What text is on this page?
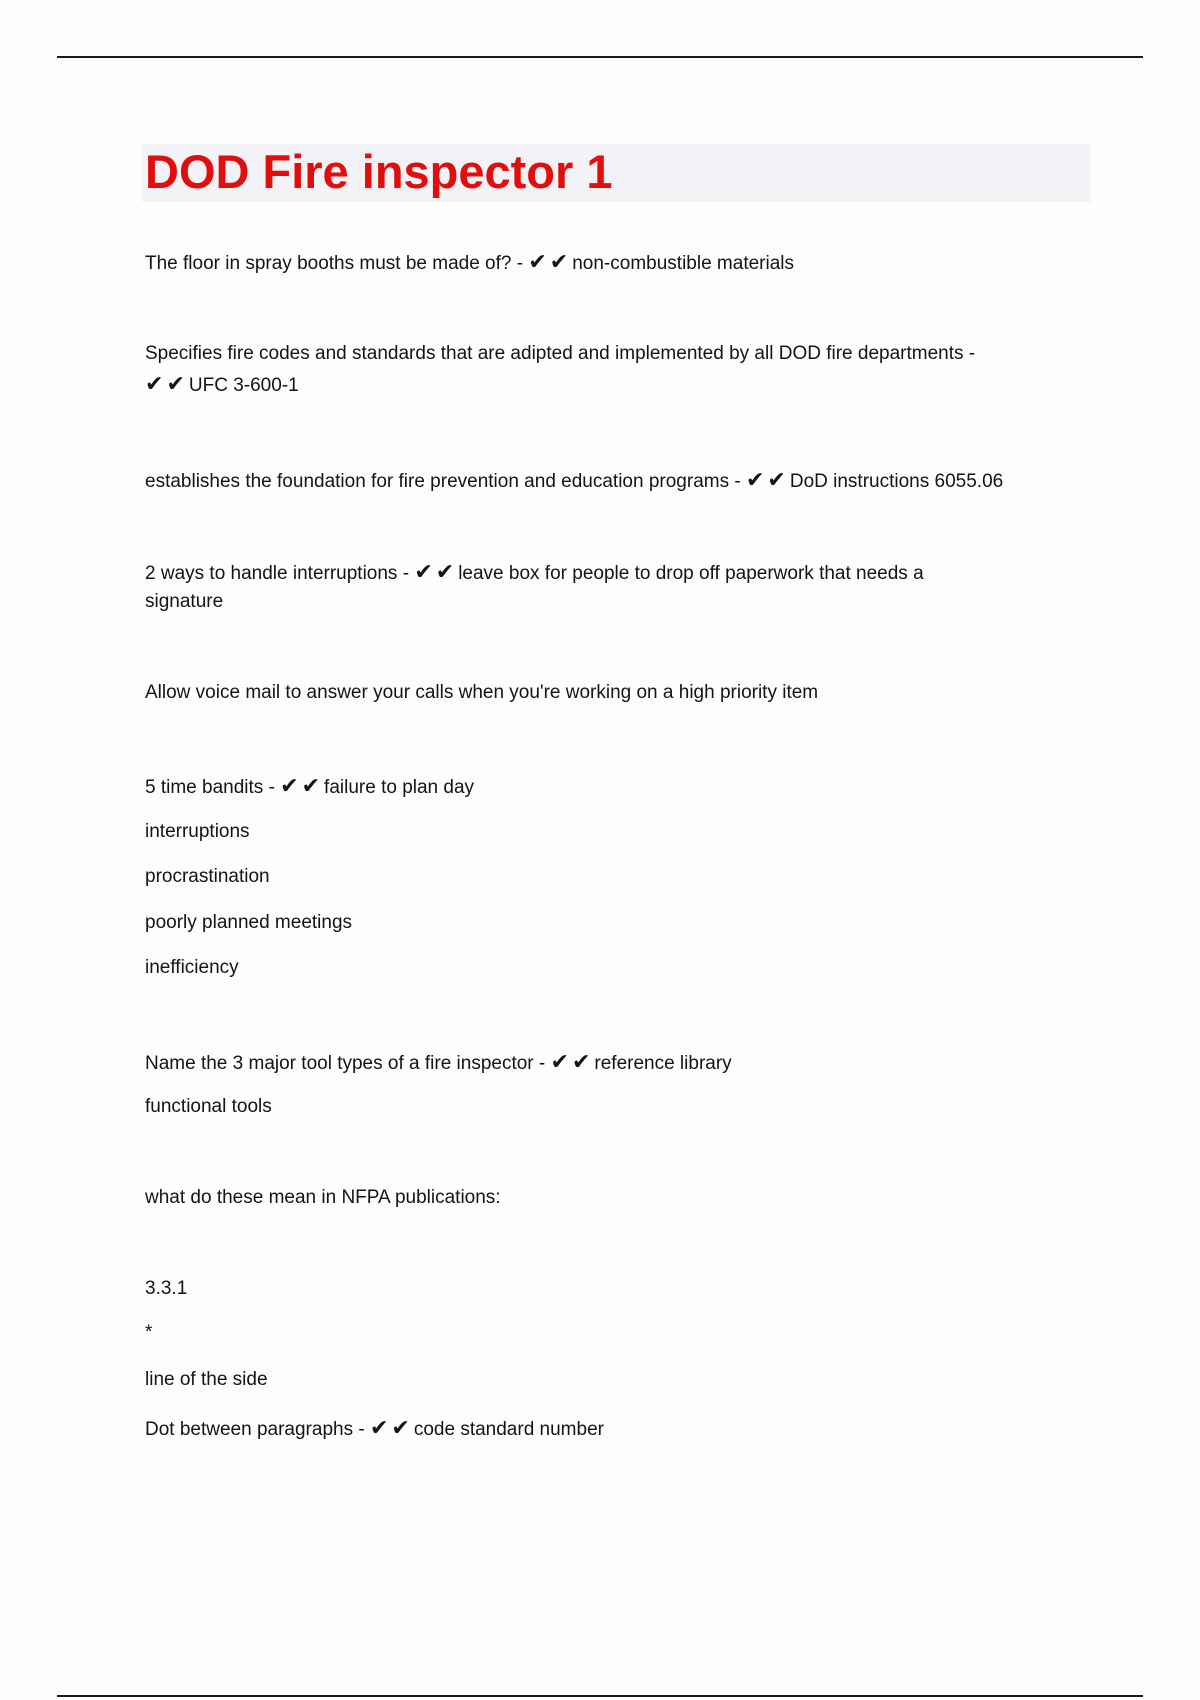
DOD Fire inspector 1
The floor in spray booths must be made of? - ✔ ✔ non-combustible materials
Specifies fire codes and standards that are adipted and implemented by all DOD fire departments -
✔ ✔ UFC 3-600-1
establishes the foundation for fire prevention and education programs - ✔ ✔ DoD instructions 6055.06
2 ways to handle interruptions - ✔ ✔ leave box for people to drop off paperwork that needs a
signature
Allow voice mail to answer your calls when you're working on a high priority item
5 time bandits - ✔ ✔ failure to plan day
interruptions
procrastination
poorly planned meetings
inefficiency
Name the 3 major tool types of a fire inspector - ✔ ✔ reference library
functional tools
what do these mean in NFPA publications:
3.3.1
*
line of the side
Dot between paragraphs - ✔ ✔ code standard number
